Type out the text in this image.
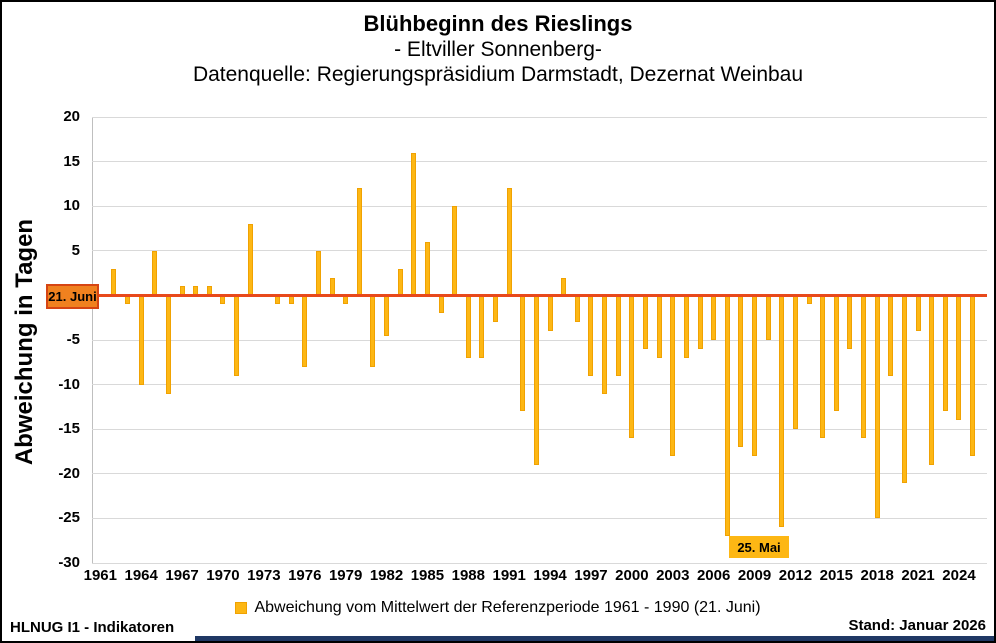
Blühbeginn des Rieslings
- Eltviller Sonnenberg-
Datenquelle: Regierungspräsidium Darmstadt, Dezernat Weinbau
Abweichung in Tagen
20
15
10
5
-5
-10
-15
-20
-25
-30
1961 1964 1967 1970 1973 1976 1979 1982 1985 1988 1991 1994 1997 2000 2003 2006 2009 2012 2015 2018 2021 2024
21. Juni
25. Mai
Abweichung vom Mittelwert der Referenzperiode 1961 - 1990 (21. Juni)
HLNUG I1 - Indikatoren	Stand: Januar 2026
